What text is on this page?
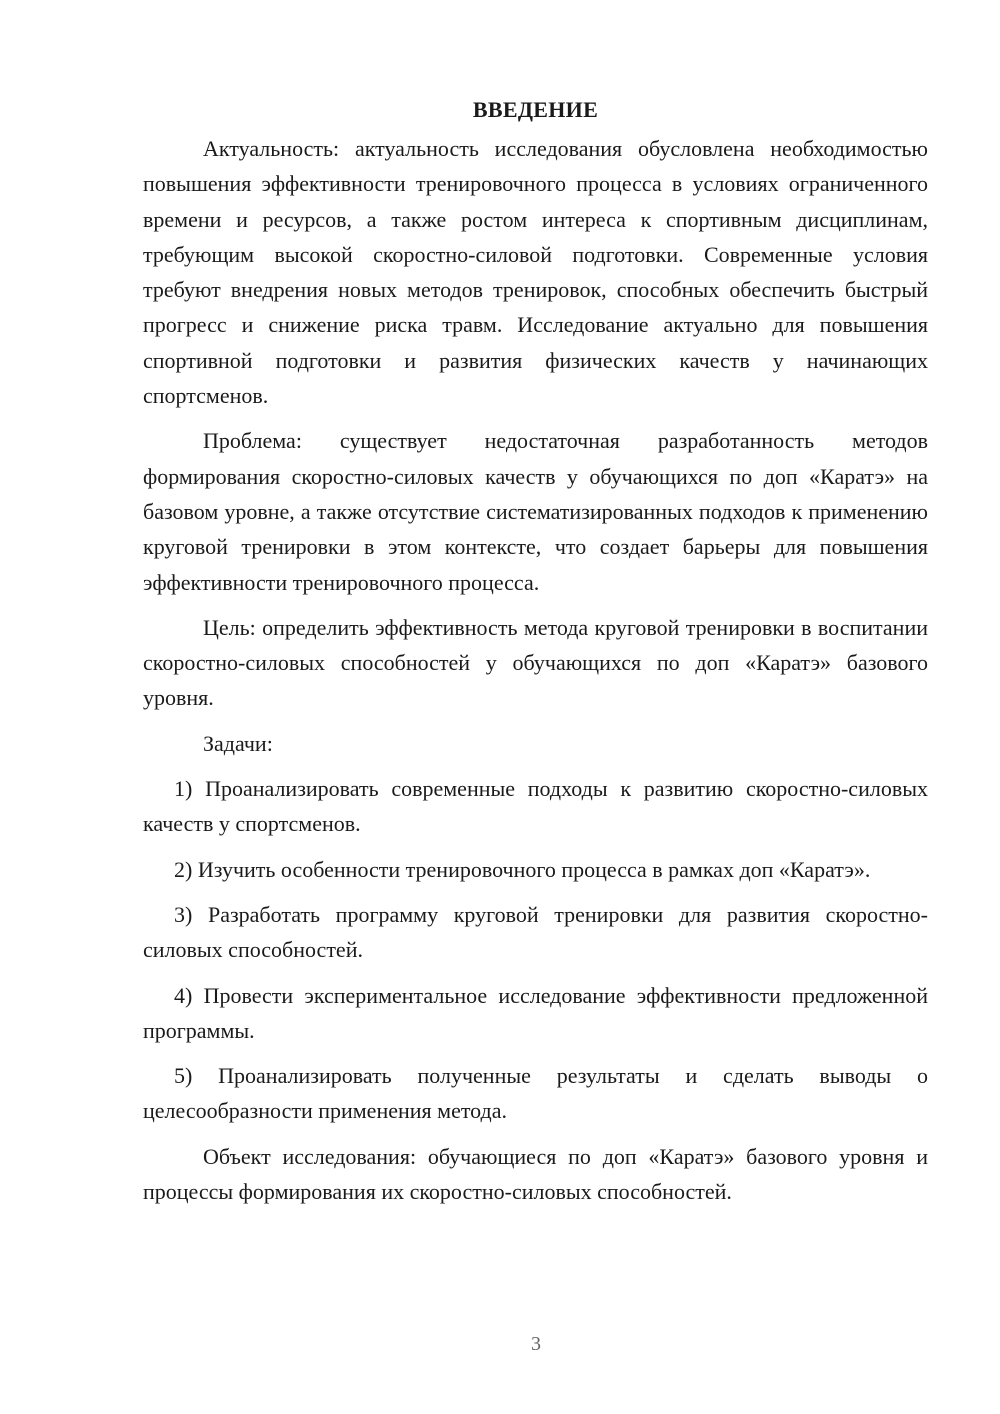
ВВЕДЕНИЕ

Актуальность: актуальность исследования обусловлена необходимостью повышения эффективности тренировочного процесса в условиях ограниченного времени и ресурсов, а также ростом интереса к спортивным дисциплинам, требующим высокой скоростно-силовой подготовки. Современные условия требуют внедрения новых методов тренировок, способных обеспечить быстрый прогресс и снижение риска травм. Исследование актуально для повышения спортивной подготовки и развития физических качеств у начинающих спортсменов.

Проблема: существует недостаточная разработанность методов формирования скоростно-силовых качеств у обучающихся по доп «Каратэ» на базовом уровне, а также отсутствие систематизированных подходов к применению круговой тренировки в этом контексте, что создает барьеры для повышения эффективности тренировочного процесса.

Цель: определить эффективность метода круговой тренировки в воспитании скоростно-силовых способностей у обучающихся по доп «Каратэ» базового уровня.

Задачи:

1) Проанализировать современные подходы к развитию скоростно-силовых качеств у спортсменов.

2) Изучить особенности тренировочного процесса в рамках доп «Каратэ».

3) Разработать программу круговой тренировки для развития скоростно-силовых способностей.

4) Провести экспериментальное исследование эффективности предложенной программы.

5) Проанализировать полученные результаты и сделать выводы о целесообразности применения метода.

Объект исследования: обучающиеся по доп «Каратэ» базового уровня и процессы формирования их скоростно-силовых способностей.

3
